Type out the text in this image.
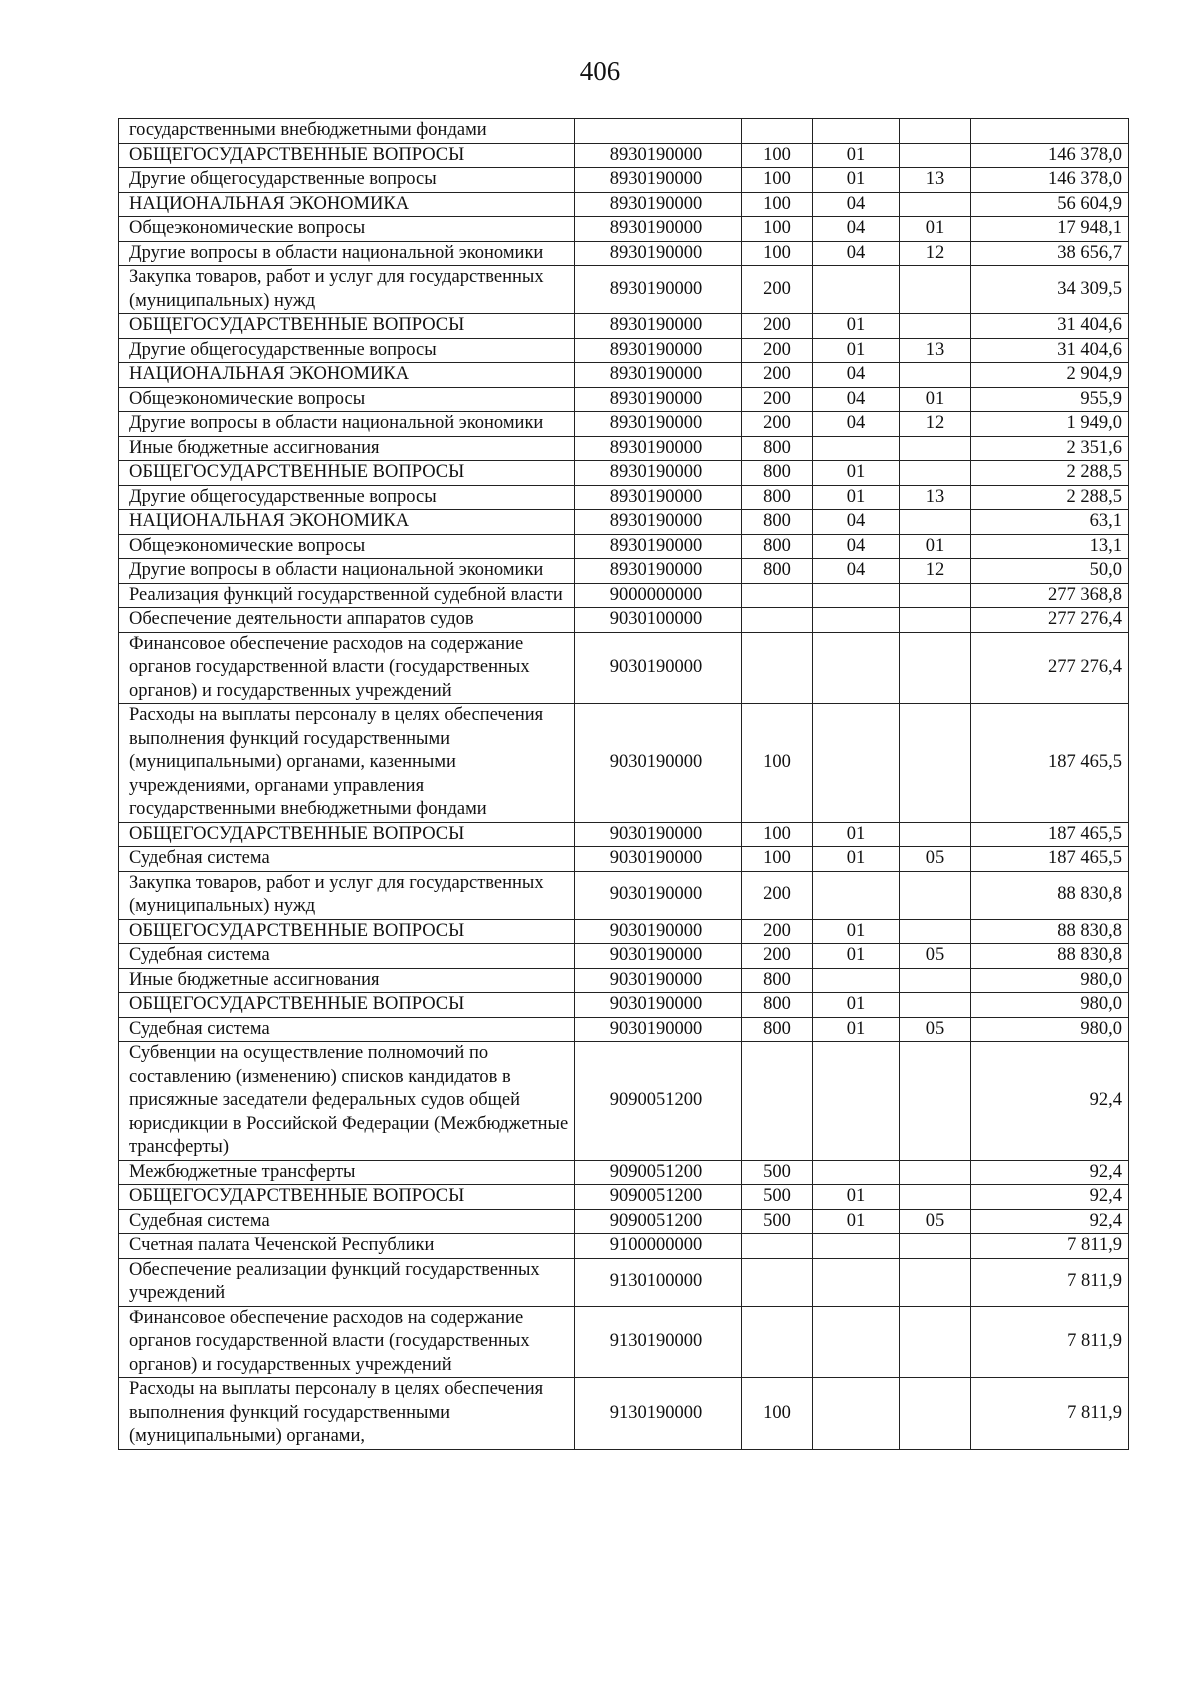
406
государственными внебюджетными фондами					
ОБЩЕГОСУДАРСТВЕННЫЕ ВОПРОСЫ	8930190000	100	01		146 378,0
Другие общегосударственные вопросы	8930190000	100	01	13	146 378,0
НАЦИОНАЛЬНАЯ ЭКОНОМИКА	8930190000	100	04		56 604,9
Общеэкономические вопросы	8930190000	100	04	01	17 948,1
Другие вопросы в области национальной экономики	8930190000	100	04	12	38 656,7
Закупка товаров, работ и услуг для государственных (муниципальных) нужд	8930190000	200			34 309,5
ОБЩЕГОСУДАРСТВЕННЫЕ ВОПРОСЫ	8930190000	200	01		31 404,6
Другие общегосударственные вопросы	8930190000	200	01	13	31 404,6
НАЦИОНАЛЬНАЯ ЭКОНОМИКА	8930190000	200	04		2 904,9
Общеэкономические вопросы	8930190000	200	04	01	955,9
Другие вопросы в области национальной экономики	8930190000	200	04	12	1 949,0
Иные бюджетные ассигнования	8930190000	800			2 351,6
ОБЩЕГОСУДАРСТВЕННЫЕ ВОПРОСЫ	8930190000	800	01		2 288,5
Другие общегосударственные вопросы	8930190000	800	01	13	2 288,5
НАЦИОНАЛЬНАЯ ЭКОНОМИКА	8930190000	800	04		63,1
Общеэкономические вопросы	8930190000	800	04	01	13,1
Другие вопросы в области национальной экономики	8930190000	800	04	12	50,0
Реализация функций государственной судебной власти	9000000000				277 368,8
Обеспечение деятельности аппаратов судов	9030100000				277 276,4
Финансовое обеспечение расходов на содержание органов государственной власти (государственных органов) и государственных учреждений	9030190000				277 276,4
Расходы на выплаты персоналу в целях обеспечения выполнения функций государственными (муниципальными) органами, казенными учреждениями, органами управления государственными внебюджетными фондами	9030190000	100			187 465,5
ОБЩЕГОСУДАРСТВЕННЫЕ ВОПРОСЫ	9030190000	100	01		187 465,5
Судебная система	9030190000	100	01	05	187 465,5
Закупка товаров, работ и услуг для государственных (муниципальных) нужд	9030190000	200			88 830,8
ОБЩЕГОСУДАРСТВЕННЫЕ ВОПРОСЫ	9030190000	200	01		88 830,8
Судебная система	9030190000	200	01	05	88 830,8
Иные бюджетные ассигнования	9030190000	800			980,0
ОБЩЕГОСУДАРСТВЕННЫЕ ВОПРОСЫ	9030190000	800	01		980,0
Судебная система	9030190000	800	01	05	980,0
Субвенции на осуществление полномочий по составлению (изменению) списков кандидатов в присяжные заседатели федеральных судов общей юрисдикции в Российской Федерации (Межбюджетные трансферты)	9090051200				92,4
Межбюджетные трансферты	9090051200	500			92,4
ОБЩЕГОСУДАРСТВЕННЫЕ ВОПРОСЫ	9090051200	500	01		92,4
Судебная система	9090051200	500	01	05	92,4
Счетная палата Чеченской Республики	9100000000				7 811,9
Обеспечение реализации функций государственных учреждений	9130100000				7 811,9
Финансовое обеспечение расходов на содержание органов государственной власти (государственных органов) и государственных учреждений	9130190000				7 811,9
Расходы на выплаты персоналу в целях обеспечения выполнения функций государственными (муниципальными) органами,	9130190000	100			7 811,9
